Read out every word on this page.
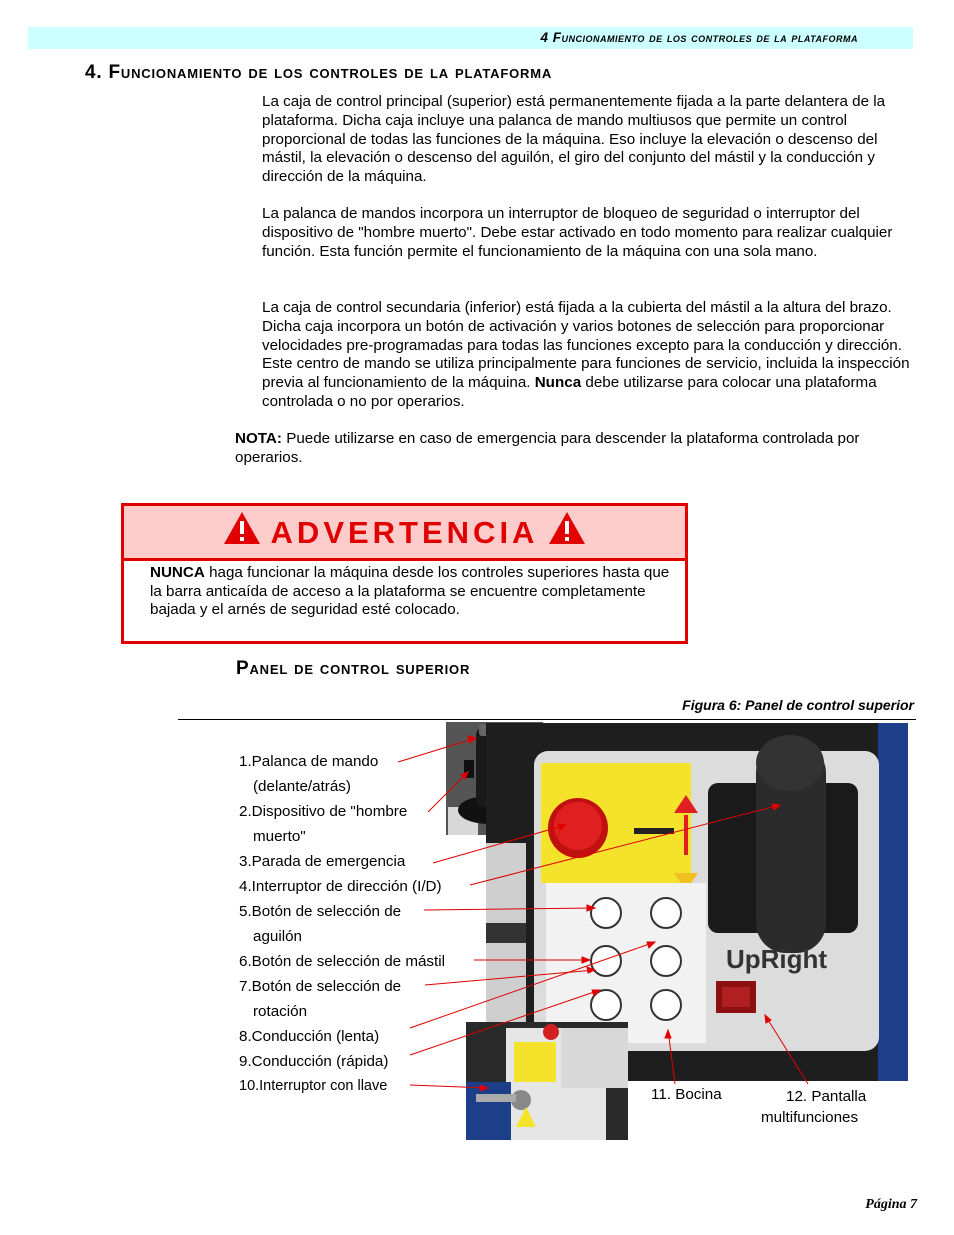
4 Funcionamiento de los controles de la plataforma
4. Funcionamiento de los controles de la plataforma
La caja de control principal (superior) está permanentemente fijada a la parte delantera de la plataforma. Dicha caja incluye una palanca de mando multiusos que permite un control proporcional de todas las funciones de la máquina. Eso incluye la elevación o descenso del mástil, la elevación o descenso del aguilón, el giro del conjunto del mástil y la conducción y dirección de la máquina.
La palanca de mandos incorpora un interruptor de bloqueo de seguridad o interruptor del dispositivo de "hombre muerto". Debe estar activado en todo momento para realizar cualquier función. Esta función permite el funcionamiento de la máquina con una sola mano.
La caja de control secundaria (inferior) está fijada a la cubierta del mástil a la altura del brazo. Dicha caja incorpora un botón de activación y varios botones de selección para proporcionar velocidades pre-programadas para todas las funciones excepto para la conducción y dirección. Este centro de mando se utiliza principalmente para funciones de servicio, incluida la inspección previa al funcionamiento de la máquina. Nunca debe utilizarse para colocar una plataforma controlada o no por operarios.
NOTA: Puede utilizarse en caso de emergencia para descender la plataforma controlada por operarios.
ADVERTENCIA
NUNCA haga funcionar la máquina desde los controles superiores hasta que la barra anticaída de acceso a la plataforma se encuentre completamente bajada y el arnés de seguridad esté colocado.
Panel de control superior
Figura 6: Panel de control superior
UpRight
1.Palanca de mando
(delante/atrás)
2.Dispositivo de "hombre
muerto"
3.Parada de emergencia
4.Interruptor de dirección (I/D)
5.Botón de selección de
aguilón
6.Botón de selección de mástil
7.Botón de selección de
rotación
8.Conducción (lenta)
9.Conducción (rápida)
10.Interruptor con llave	11. Bocina	12. Pantalla
multifunciones
Página 7
